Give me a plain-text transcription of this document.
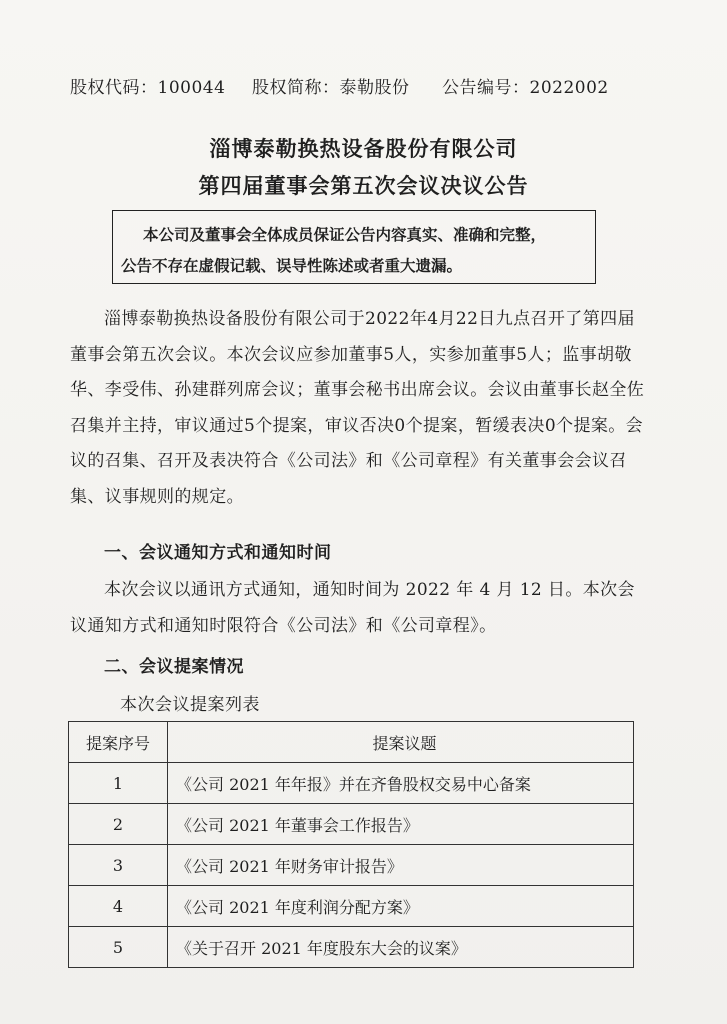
股权代码：100044 股权简称：泰勒股份 公告编号：2022002
淄博泰勒换热设备股份有限公司
第四届董事会第五次会议决议公告
本公司及董事会全体成员保证公告内容真实、准确和完整，
公告不存在虚假记载、误导性陈述或者重大遗漏。
淄博泰勒换热设备股份有限公司于2022年4月22日九点召开了第四届董事会第五次会议。本次会议应参加董事5人，实参加董事5人；监事胡敬华、李受伟、孙建群列席会议；董事会秘书出席会议。会议由董事长赵全佐召集并主持，审议通过5个提案，审议否决0个提案，暂缓表决0个提案。会议的召集、召开及表决符合《公司法》和《公司章程》有关董事会会议召集、议事规则的规定。
一、会议通知方式和通知时间
本次会议以通讯方式通知，通知时间为 2022 年 4 月 12 日。本次会议通知方式和通知时限符合《公司法》和《公司章程》。
二、会议提案情况
本次会议提案列表
提案序号	提案议题
1	《公司 2021 年年报》并在齐鲁股权交易中心备案
2	《公司 2021 年董事会工作报告》
3	《公司 2021 年财务审计报告》
4	《公司 2021 年度利润分配方案》
5	《关于召开 2021 年度股东大会的议案》
